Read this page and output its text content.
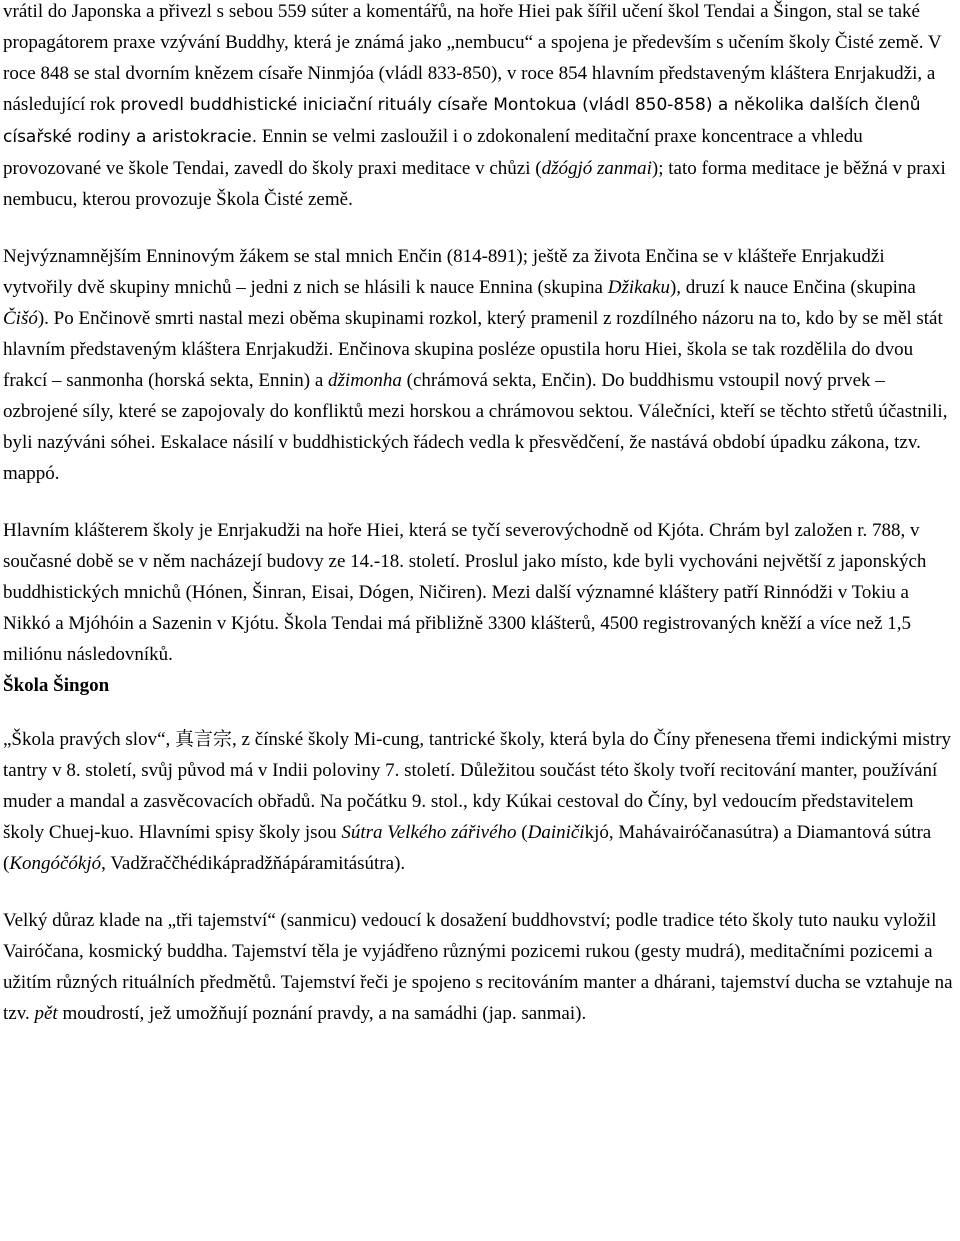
vrátil do Japonska a přivezl s sebou 559 súter a komentářů, na hoře Hiei pak šířil učení škol Tendai a Šingon, stal se také propagátorem praxe vzývání Buddhy, která je známá jako „nembucu“ a spojena je především s učením školy Čisté země. V roce 848 se stal dvorním knězem císaře Ninmjóa (vládl 833-850), v roce 854 hlavním představeným kláštera Enrjakudži, a následující rok provedl buddhistické iniciační rituály císaře Montokua (vládl 850-858) a několika dalších členů císařské rodiny a aristokracie. Ennin se velmi zasloužil i o zdokonalení meditační praxe koncentrace a vhledu provozované ve škole Tendai, zavedl do školy praxi meditace v chůzi (džógjó zanmai); tato forma meditace je běžná v praxi nembucu, kterou provozuje Škola Čisté země.

Nejvýznamnějším Enninovým žákem se stal mnich Enčin (814-891); ještě za života Enčina se v klášteře Enrjakudži vytvořily dvě skupiny mnichů – jedni z nich se hlásili k nauce Ennina (skupina Džikaku), druzí k nauce Enčina (skupina Čišó). Po Enčinově smrti nastal mezi oběma skupinami rozkol, který pramenil z rozdílného názoru na to, kdo by se měl stát hlavním představeným kláštera Enrjakudži. Enčinova skupina posléze opustila horu Hiei, škola se tak rozdělila do dvou frakcí – sanmonha (horská sekta, Ennin) a džimonha (chrámová sekta, Enčin). Do buddhismu vstoupil nový prvek – ozbrojené síly, které se zapojovaly do konfliktů mezi horskou a chrámovou sektou. Válečníci, kteří se těchto střetů účastnili, byli nazýváni sóhei. Eskalace násilí v buddhistických řádech vedla k přesvědčení, že nastává období úpadku zákona, tzv. mappó.

Hlavním klášterem školy je Enrjakudži na hoře Hiei, která se tyčí severovýchodně od Kjóta. Chrám byl založen r. 788, v současné době se v něm nacházejí budovy ze 14.-18. století. Proslul jako místo, kde byli vychováni největší z japonských buddhistických mnichů (Hónen, Šinran, Eisai, Dógen, Ničiren). Mezi další významné kláštery patří Rinnódži v Tokiu a Nikkó a Mjóhóin a Sazenin v Kjótu. Škola Tendai má přibližně 3300 klášterů, 4500 registrovaných kněží a více než 1,5 miliónu následovníků.

Škola Šingon

„Škola pravých slov“, 真言宗, z čínské školy Mi-cung, tantrické školy, která byla do Číny přenesena třemi indickými mistry tantry v 8. století, svůj původ má v Indii poloviny 7. století. Důležitou součást této školy tvoří recitování manter, používání muder a mandal a zasvěcovacích obřadů. Na počátku 9. stol., kdy Kúkai cestoval do Číny, byl vedoucím představitelem školy Chuej-kuo. Hlavními spisy školy jsou Sútra Velkého zářivého (Dainičikjó, Mahávairóčanasútra) a Diamantová sútra (Kongóčókjó, Vadžraččhédikápradžňápáramitásútra).

Velký důraz klade na „tři tajemství“ (sanmicu) vedoucí k dosažení buddhovství; podle tradice této školy tuto nauku vyložil Vairóčana, kosmický buddha. Tajemství těla je vyjádřeno různými pozicemi rukou (gesty mudrá), meditačními pozicemi a užitím různých rituálních předmětů. Tajemství řeči je spojeno s recitováním manter a dhárani, tajemství ducha se vztahuje na tzv. pět moudrostí, jež umožňují poznání pravdy, a na samádhi (jap. sanmai).
